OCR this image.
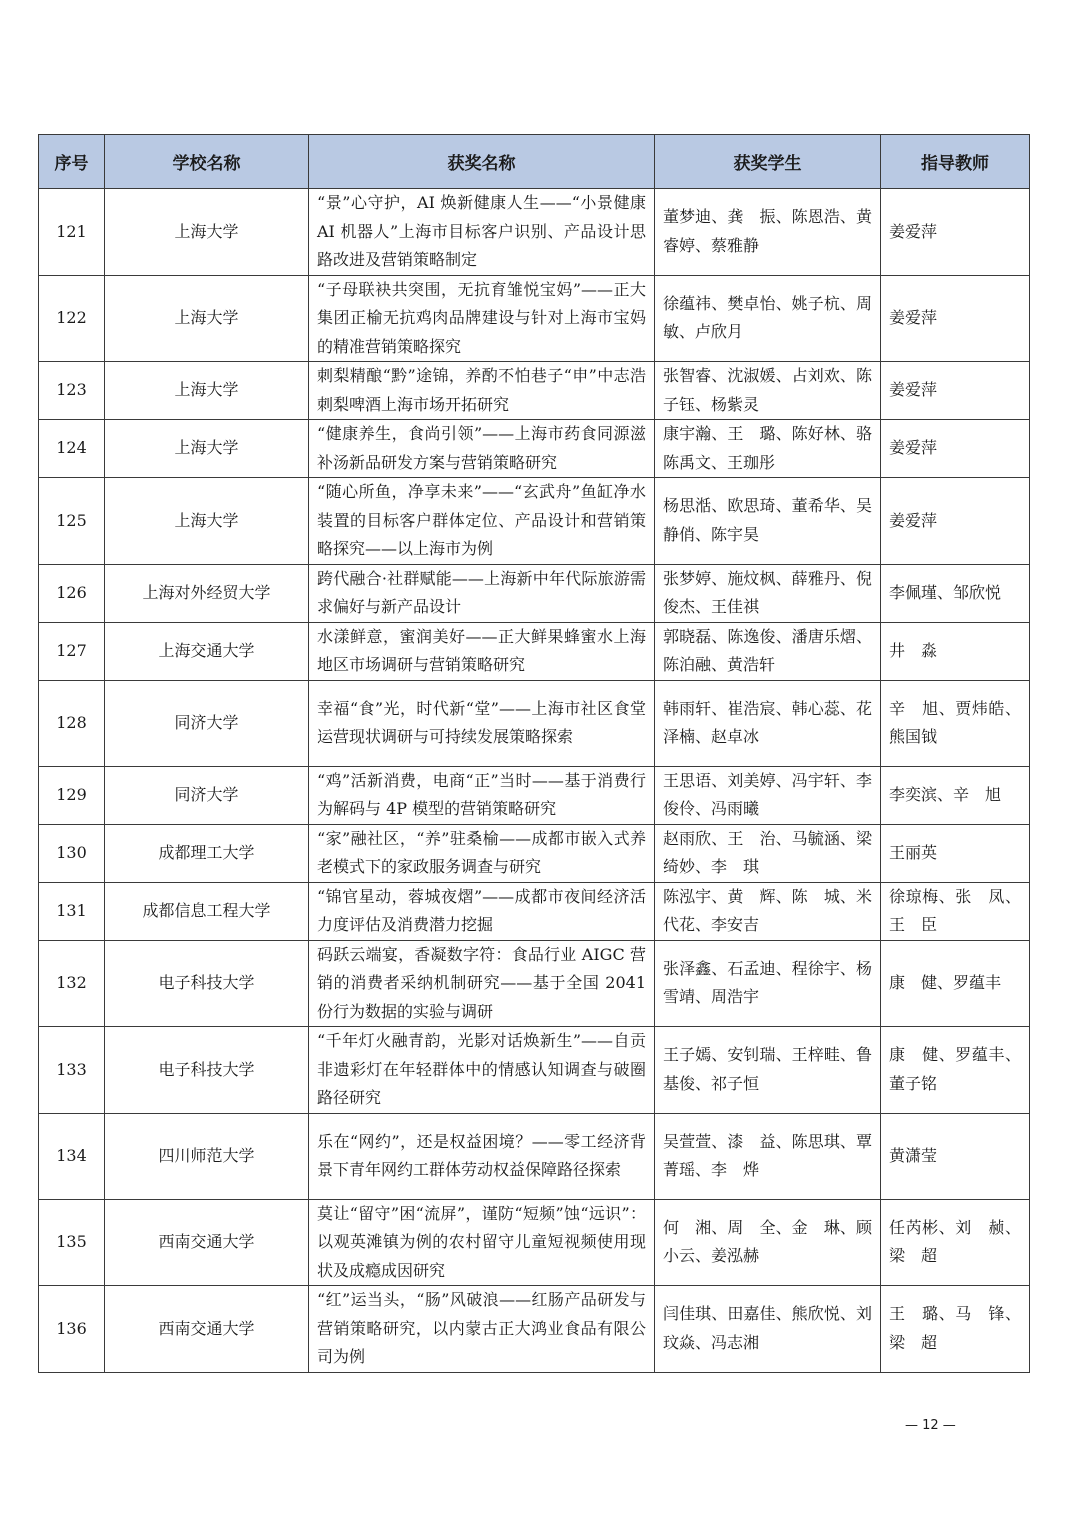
序号	学校名称	获奖名称	获奖学生	指导教师
121	上海大学	“景”心守护，AI 焕新健康人生——“小景健康 AI 机器人”上海市目标客户识别、产品设计思路改进及营销策略制定	董梦迪、龚　振、陈恩浩、黄睿婷、蔡雅静	姜爱萍
122	上海大学	“子母联袂共突围，无抗育雏悦宝妈”——正大集团正榆无抗鸡肉品牌建设与针对上海市宝妈的精准营销策略探究	徐蕴祎、樊卓怡、姚子杭、周　敏、卢欣月	姜爱萍
123	上海大学	刺梨精酿“黔”途锦，养酌不怕巷子“申”中志浩刺梨啤酒上海市场开拓研究	张智睿、沈淑媛、占刘欢、陈子钰、杨紫灵	姜爱萍
124	上海大学	“健康养生，食尚引领”——上海市药食同源滋补汤新品研发方案与营销策略研究	康宇瀚、王　璐、陈好林、骆陈禹文、王珈彤	姜爱萍
125	上海大学	“随心所鱼，净享未来”——“玄武舟”鱼缸净水装置的目标客户群体定位、产品设计和营销策略探究——以上海市为例	杨思湉、欧思琦、董希华、吴静俏、陈宇昊	姜爱萍
126	上海对外经贸大学	跨代融合·社群赋能——上海新中年代际旅游需求偏好与新产品设计	张梦婷、施炆枫、薛雅丹、倪俊杰、王佳祺	李佩瑾、邹欣悦
127	上海交通大学	水漾鲜意，蜜润美好——正大鲜果蜂蜜水上海地区市场调研与营销策略研究	郭晓磊、陈逸俊、潘唐乐熠、陈泊融、黄浩轩	井　淼
128	同济大学	幸福“食”光，时代新“堂”——上海市社区食堂运营现状调研与可持续发展策略探索	韩雨轩、崔浩宸、韩心蕊、花泽楠、赵卓冰	辛　旭、贾炜皓、熊国钺
129	同济大学	“鸡”活新消费，电商“正”当时——基于消费行为解码与 4P 模型的营销策略研究	王思语、刘美婷、冯宇轩、李俊伶、冯雨曦	李奕滨、辛　旭
130	成都理工大学	“家”融社区，“养”驻桑榆——成都市嵌入式养老模式下的家政服务调查与研究	赵雨欣、王　治、马毓涵、梁绮妙、李　琪	王丽英
131	成都信息工程大学	“锦官星动，蓉城夜熠”——成都市夜间经济活力度评估及消费潜力挖掘	陈泓宇、黄　辉、陈　城、米代花、李安吉	徐琼梅、张　凤、王　臣
132	电子科技大学	码跃云端宴，香凝数字符：食品行业 AIGC 营销的消费者采纳机制研究——基于全国 2041 份行为数据的实验与调研	张泽鑫、石孟迪、程徐宇、杨雪靖、周浩宇	康　健、罗蕴丰
133	电子科技大学	“千年灯火融青韵，光影对话焕新生”——自贡非遗彩灯在年轻群体中的情感认知调查与破圈路径研究	王子嫣、安钊瑞、王梓畦、鲁基俊、祁子恒	康　健、罗蕴丰、董子铭
134	四川师范大学	乐在“网约”，还是权益困境？——零工经济背景下青年网约工群体劳动权益保障路径探索	吴萱萱、漆　益、陈思琪、覃菁瑶、李　烨	黄潇莹
135	西南交通大学	莫让“留守”困“流屏”，谨防“短频”蚀“远识”：以观英滩镇为例的农村留守儿童短视频使用现状及成瘾成因研究	何　湘、周　全、金　琳、顾小云、姜泓赫	任芮彬、刘　赪、梁　超
136	西南交通大学	“红”运当头，“肠”风破浪——红肠产品研发与营销策略研究，以内蒙古正大鸿业食品有限公司为例	闫佳琪、田嘉佳、熊欣悦、刘玟焱、冯志湘	王　璐、马　锋、梁　超
— 12 —
